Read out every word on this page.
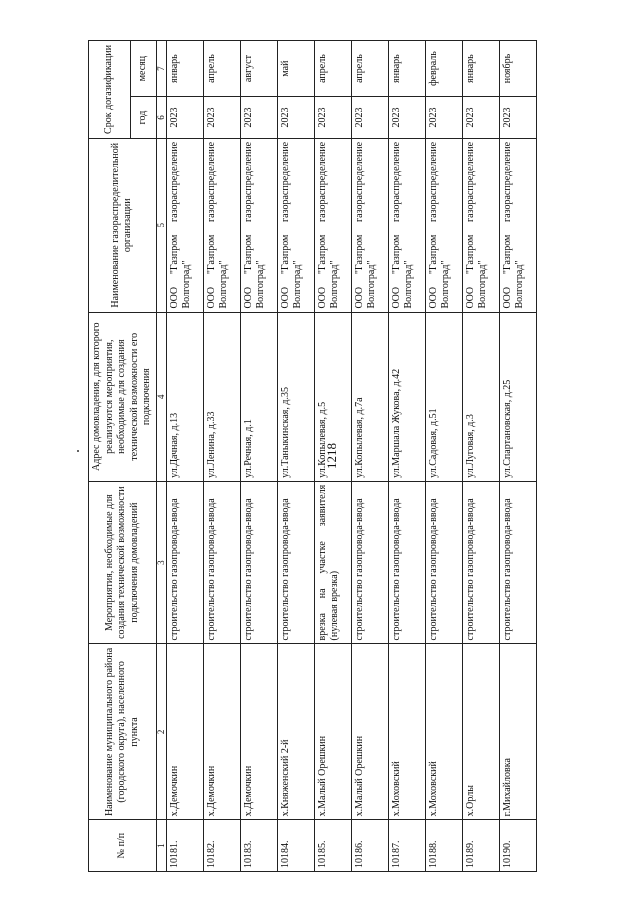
1218
№ п/п	Наименование муниципального района (городского округа), населенного пункта	Мероприятия, необходимые для создания технической возможности подключения домовладений	Адрес домовладения, для которого реализуются мероприятия, необходимые для создания технической возможности его подключения	Наименование газораспределительной организации	Срок догазификации	
					год	месяц
1	2	3	4	5	6	7
10181.	х.Демочкин	строительство газопровода-ввода	ул.Дачная, д.13	ООО "Газпром газораспределение Волгоград"	2023	январь
10182.	х.Демочкин	строительство газопровода-ввода	ул.Ленина, д.33	ООО "Газпром газораспределение Волгоград"	2023	апрель
10183.	х.Демочкин	строительство газопровода-ввода	ул.Речная, д.1	ООО "Газпром газораспределение Волгоград"	2023	август
10184.	х.Княженский 2-й	строительство газопровода-ввода	ул.Таныкинская, д.35	ООО "Газпром газораспределение Волгоград"	2023	май
10185.	х.Малый Орешкин	врезка на участке заявителя (нулевая врезка)	ул.Копылевая, д.5	ООО "Газпром газораспределение Волгоград"	2023	апрель
10186.	х.Малый Орешкин	строительство газопровода-ввода	ул.Копылевая, д.7а	ООО "Газпром газораспределение Волгоград"	2023	апрель
10187.	х.Моховский	строительство газопровода-ввода	ул.Маршала Жукова, д.42	ООО "Газпром газораспределение Волгоград"	2023	январь
10188.	х.Моховский	строительство газопровода-ввода	ул.Садовая, д.51	ООО "Газпром газораспределение Волгоград"	2023	февраль
10189.	х.Орлы	строительство газопровода-ввода	ул.Луговая, д.3	ООО "Газпром газораспределение Волгоград"	2023	январь
10190.	г.Михайловка	строительство газопровода-ввода	ул.Спартановская, д.25	ООО "Газпром газораспределение Волгоград"	2023	ноябрь
